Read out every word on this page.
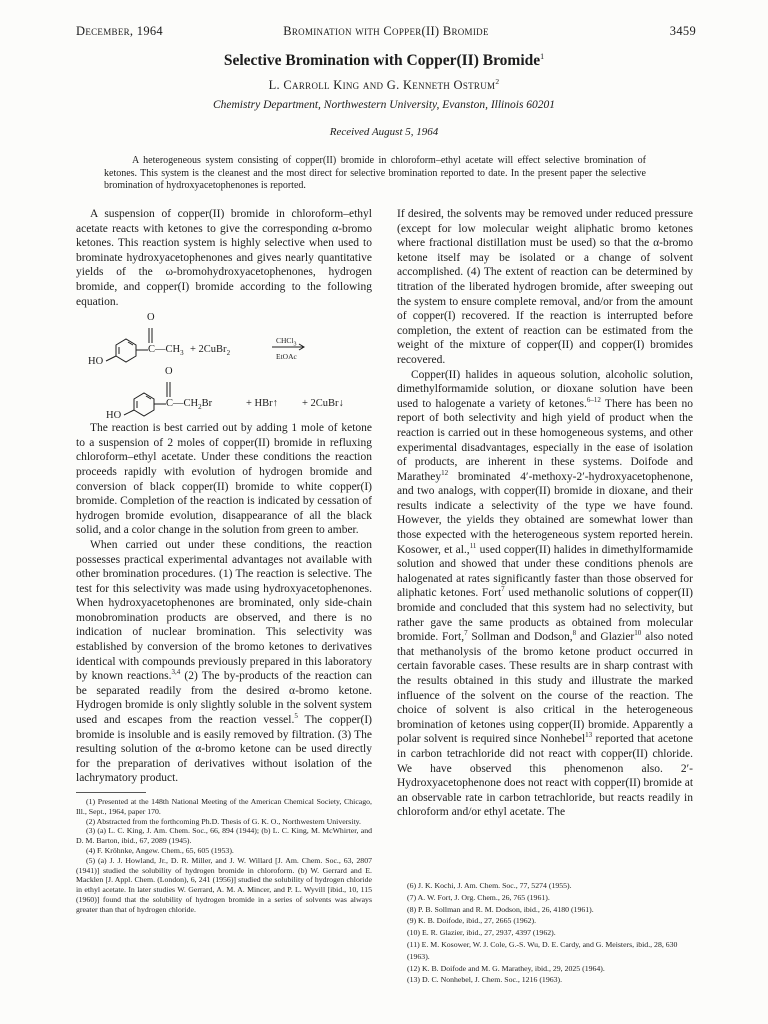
December, 1964	Bromination with Copper(II) Bromide	3459
Selective Bromination with Copper(II) Bromide$^1$
L. Carroll King and G. Kenneth Ostrum$^2$
Chemistry Department, Northwestern University, Evanston, Illinois 60201
Received August 5, 1964
A heterogeneous system consisting of copper(II) bromide in chloroform–ethyl acetate will effect selective bromination of ketones. This system is the cleanest and the most direct for selective bromination reported to date. In the present paper the selective bromination of hydroxyacetophenones is reported.

A suspension of copper(II) bromide in chloroform–ethyl acetate reacts with ketones to give the corresponding α-bromo ketones. This reaction system is highly selective when used to brominate hydroxyacetophenones and gives nearly quantitative yields of the ω-bromohydroxyacetophenones, hydrogen bromide, and copper(I) bromide according to the following equation.

O
$C—CH_3$ + 2CuBr$_2$
CHCl$_3$
EtOAc
HO
O
$C—CH_2Br$	+ HBr↑ + 2CuBr↓
HO

The reaction is best carried out by adding 1 mole of ketone to a suspension of 2 moles of copper(II) bromide in refluxing chloroform–ethyl acetate. Under these conditions the reaction proceeds rapidly with evolution of hydrogen bromide and conversion of black copper(II) bromide to white copper(I) bromide. Completion of the reaction is indicated by cessation of hydrogen bromide evolution, disappearance of all the black solid, and a color change in the solution from green to amber.

When carried out under these conditions, the reaction possesses practical experimental advantages not available with other bromination procedures. (1) The reaction is selective. The test for this selectivity was made using hydroxyacetophenones. When hydroxyacetophenones are brominated, only side-chain monobromination products are observed, and there is no indication of nuclear bromination. This selectivity was established by conversion of the bromo ketones to derivatives identical with compounds previously prepared in this laboratory by known reactions.$^{3,4}$ (2) The by-products of the reaction can be separated readily from the desired α-bromo ketone. Hydrogen bromide is only slightly soluble in the solvent system used and escapes from the reaction vessel.$^5$ The copper(I) bromide is insoluble and is easily removed by filtration. (3) The resulting solution of the α-bromo ketone can be used directly for the preparation of derivatives without isolation of the lachrymatory product.

(1) Presented at the 148th National Meeting of the American Chemical Society, Chicago, Ill., Sept., 1964, paper 170.
(2) Abstracted from the forthcoming Ph.D. Thesis of G. K. O., Northwestern University.
(3) (a) L. C. King, J. Am. Chem. Soc., 66, 894 (1944); (b) L. C. King, M. McWhirter, and D. M. Barton, ibid., 67, 2089 (1945).
(4) F. Kröhnke, Angew. Chem., 65, 605 (1953).
(5) (a) J. J. Howland, Jr., D. R. Miller, and J. W. Willard [J. Am. Chem. Soc., 63, 2807 (1941)] studied the solubility of hydrogen bromide in chloroform. (b) W. Gerrard and E. Macklen [J. Appl. Chem. (London), 6, 241 (1956)] studied the solubility of hydrogen chloride in ethyl acetate. In later studies W. Gerrard, A. M. A. Mincer, and P. L. Wyvill [ibid., 10, 115 (1960)] found that the solubility of hydrogen bromide in a series of solvents was always greater than that of hydrogen chloride.

If desired, the solvents may be removed under reduced pressure (except for low molecular weight aliphatic bromo ketones where fractional distillation must be used) so that the α-bromo ketone itself may be isolated or a change of solvent accomplished. (4) The extent of reaction can be determined by titration of the liberated hydrogen bromide, after sweeping out the system to ensure complete removal, and/or from the amount of copper(I) recovered. If the reaction is interrupted before completion, the extent of reaction can be estimated from the weight of the mixture of copper(II) and copper(I) bromides recovered.

Copper(II) halides in aqueous solution, alcoholic solution, dimethylformamide solution, or dioxane solution have been used to halogenate a variety of ketones.$^{6-12}$ There has been no report of both selectivity and high yield of product when the reaction is carried out in these homogeneous systems, and other experimental disadvantages, especially in the ease of isolation of products, are inherent in these systems. Doifode and Marathey$^{12}$ brominated 4′-methoxy-2′-hydroxyacetophenone, and two analogs, with copper(II) bromide in dioxane, and their results indicate a selectivity of the type we have found. However, the yields they obtained are somewhat lower than those expected with the heterogeneous system reported herein. Kosower, et al.,$^{11}$ used copper(II) halides in dimethylformamide solution and showed that under these conditions phenols are halogenated at rates significantly faster than those observed for aliphatic ketones. Fort$^7$ used methanolic solutions of copper(II) bromide and concluded that this system had no selectivity, but rather gave the same products as obtained from molecular bromide. Fort,$^7$ Sollman and Dodson,$^8$ and Glazier$^{10}$ also noted that methanolysis of the bromo ketone product occurred in certain favorable cases. These results are in sharp contrast with the results obtained in this study and illustrate the marked influence of the solvent on the course of the reaction. The choice of solvent is also critical in the heterogeneous bromination of ketones using copper(II) bromide. Apparently a polar solvent is required since Nonhebel$^{13}$ reported that acetone in carbon tetrachloride did not react with copper(II) chloride. We have observed this phenomenon also. 2′-Hydroxyacetophenone does not react with copper(II) bromide at an observable rate in carbon tetrachloride, but reacts readily in chloroform and/or ethyl acetate. The

(6) J. K. Kochi, J. Am. Chem. Soc., 77, 5274 (1955).
(7) A. W. Fort, J. Org. Chem., 26, 765 (1961).
(8) P. B. Sollman and R. M. Dodson, ibid., 26, 4180 (1961).
(9) K. B. Doifode, ibid., 27, 2665 (1962).
(10) E. R. Glazier, ibid., 27, 2937, 4397 (1962).
(11) E. M. Kosower, W. J. Cole, G.-S. Wu, D. E. Cardy, and G. Meisters, ibid., 28, 630 (1963).
(12) K. B. Doifode and M. G. Marathey, ibid., 29, 2025 (1964).
(13) D. C. Nonhebel, J. Chem. Soc., 1216 (1963).
